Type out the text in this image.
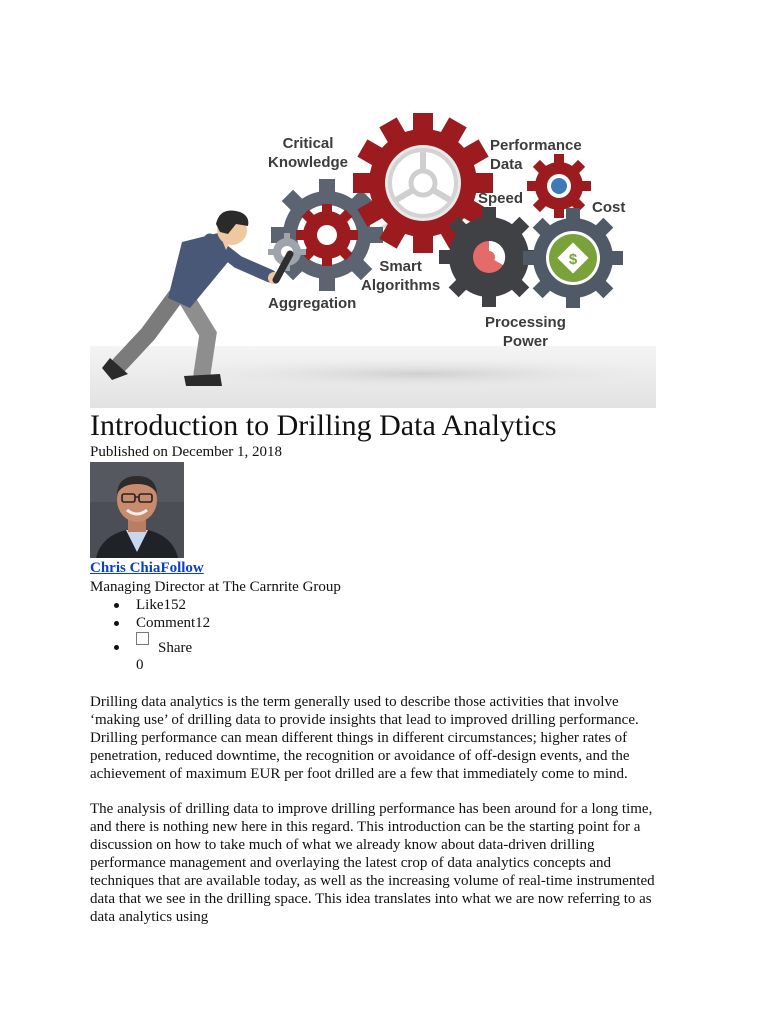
$
Critical
Knowledge
Performance
Data
Speed
Cost
Smart
Algorithms
Aggregation
Processing
Power
Introduction to Drilling Data Analytics
Published on December 1, 2018
Chris ChiaFollow
Managing Director at The Carnrite Group
Like152
Comment12
Share
0

Drilling data analytics is the term generally used to describe those activities that involve ‘making use’ of drilling data to provide insights that lead to improved drilling performance. Drilling performance can mean different things in different circumstances; higher rates of penetration, reduced downtime, the recognition or avoidance of off-design events, and the achievement of maximum EUR per foot drilled are a few that immediately come to mind.

The analysis of drilling data to improve drilling performance has been around for a long time, and there is nothing new here in this regard. This introduction can be the starting point for a discussion on how to take much of what we already know about data-driven drilling performance management and overlaying the latest crop of data analytics concepts and techniques that are available today, as well as the increasing volume of real-time instrumented data that we see in the drilling space. This idea translates into what we are now referring to as data analytics using
